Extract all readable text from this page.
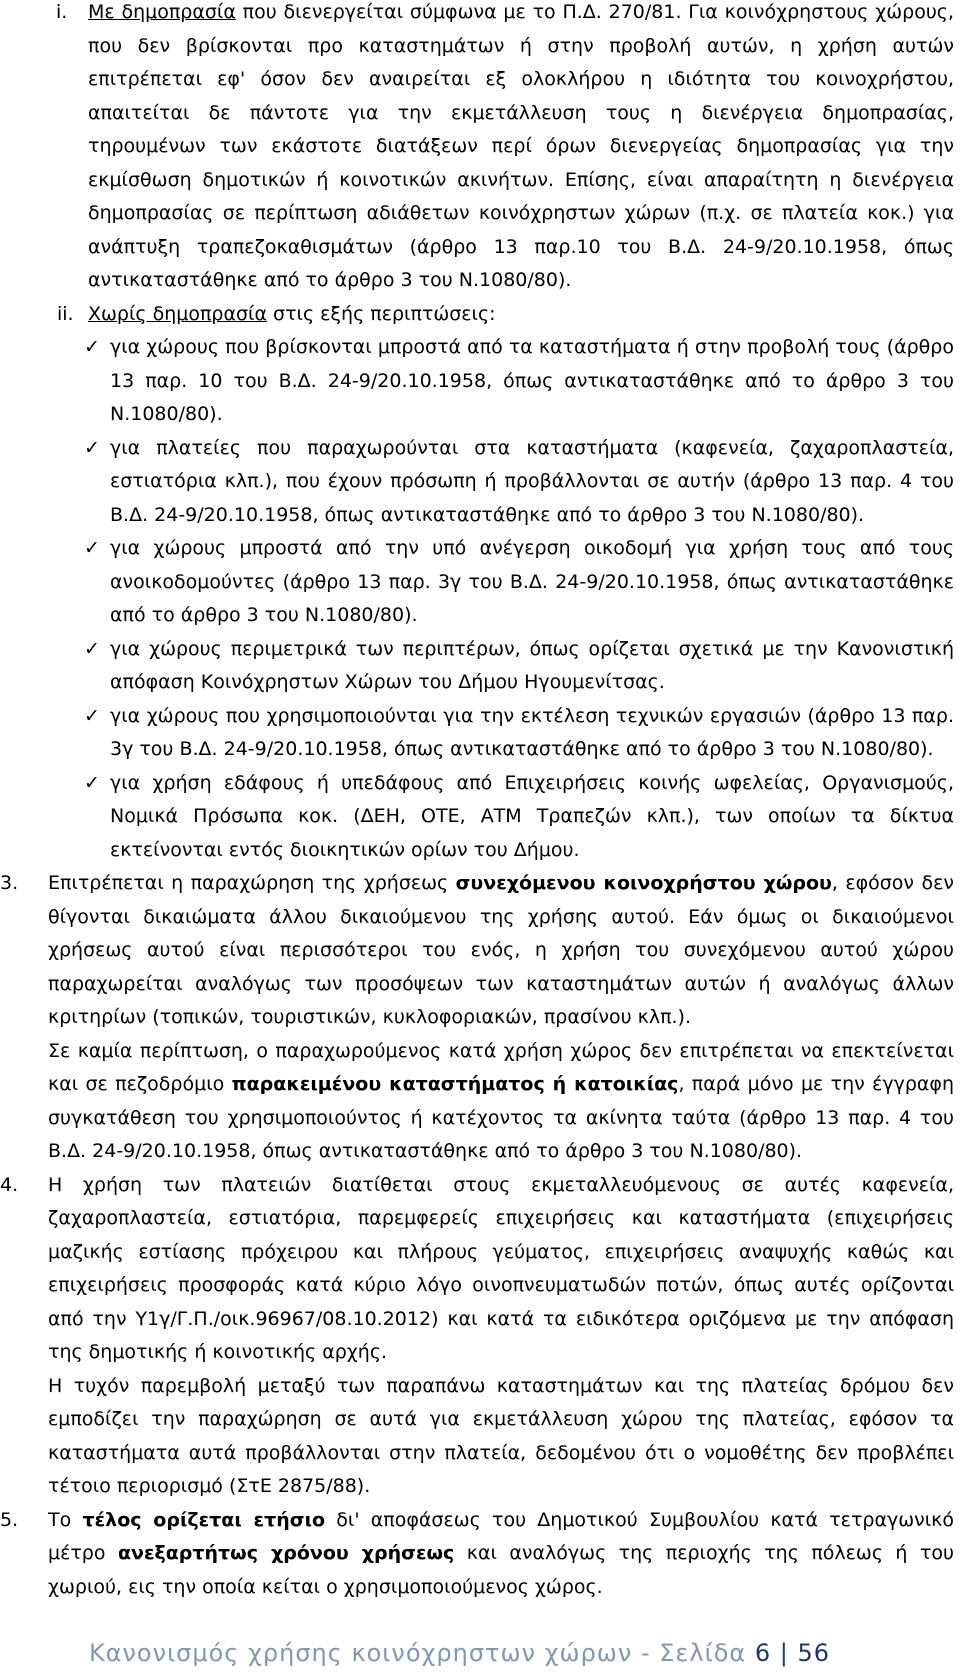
i. Με δημοπρασία που διενεργείται σύμφωνα με το Π.Δ. 270/81. Για κοινόχρηστους χώρους, που δεν βρίσκονται προ καταστημάτων ή στην προβολή αυτών, η χρήση αυτών επιτρέπεται εφ' όσον δεν αναιρείται εξ ολοκλήρου η ιδιότητα του κοινοχρήστου, απαιτείται δε πάντοτε για την εκμετάλλευση τους η διενέργεια δημοπρασίας, τηρουμένων των εκάστοτε διατάξεων περί όρων διενεργείας δημοπρασίας για την εκμίσθωση δημοτικών ή κοινοτικών ακινήτων. Επίσης, είναι απαραίτητη η διενέργεια δημοπρασίας σε περίπτωση αδιάθετων κοινόχρηστων χώρων (π.χ. σε πλατεία κοκ.) για ανάπτυξη τραπεζοκαθισμάτων (άρθρο 13 παρ.10 του Β.Δ. 24-9/20.10.1958, όπως αντικαταστάθηκε από το άρθρο 3 του Ν.1080/80).

ii. Χωρίς δημοπρασία στις εξής περιπτώσεις:

✓ για χώρους που βρίσκονται μπροστά από τα καταστήματα ή στην προβολή τους (άρθρο 13 παρ. 10 του Β.Δ. 24-9/20.10.1958, όπως αντικαταστάθηκε από το άρθρο 3 του Ν.1080/80).

✓ για πλατείες που παραχωρούνται στα καταστήματα (καφενεία, ζαχαροπλαστεία, εστιατόρια κλπ.), που έχουν πρόσωπη ή προβάλλονται σε αυτήν (άρθρο 13 παρ. 4 του Β.Δ. 24-9/20.10.1958, όπως αντικαταστάθηκε από το άρθρο 3 του Ν.1080/80).

✓ για χώρους μπροστά από την υπό ανέγερση οικοδομή για χρήση τους από τους ανοικοδομούντες (άρθρο 13 παρ. 3γ του Β.Δ. 24-9/20.10.1958, όπως αντικαταστάθηκε από το άρθρο 3 του Ν.1080/80).

✓ για χώρους περιμετρικά των περιπτέρων, όπως ορίζεται σχετικά με την Κανονιστική απόφαση Κοινόχρηστων Χώρων του Δήμου Ηγουμενίτσας.

✓ για χώρους που χρησιμοποιούνται για την εκτέλεση τεχνικών εργασιών (άρθρο 13 παρ. 3γ του Β.Δ. 24-9/20.10.1958, όπως αντικαταστάθηκε από το άρθρο 3 του Ν.1080/80).

✓ για χρήση εδάφους ή υπεδάφους από Επιχειρήσεις κοινής ωφελείας, Οργανισμούς, Νομικά Πρόσωπα κοκ. (ΔΕΗ, ΟΤΕ, ΑΤΜ Τραπεζών κλπ.), των οποίων τα δίκτυα εκτείνονται εντός διοικητικών ορίων του Δήμου.

3. Επιτρέπεται η παραχώρηση της χρήσεως συνεχόμενου κοινοχρήστου χώρου, εφόσον δεν θίγονται δικαιώματα άλλου δικαιούμενου της χρήσης αυτού. Εάν όμως οι δικαιούμενοι χρήσεως αυτού είναι περισσότεροι του ενός, η χρήση του συνεχόμενου αυτού χώρου παραχωρείται αναλόγως των προσόψεων των καταστημάτων αυτών ή αναλόγως άλλων κριτηρίων (τοπικών, τουριστικών, κυκλοφοριακών, πρασίνου κλπ.).

Σε καμία περίπτωση, ο παραχωρούμενος κατά χρήση χώρος δεν επιτρέπεται να επεκτείνεται και σε πεζοδρόμιο παρακειμένου καταστήματος ή κατοικίας, παρά μόνο με την έγγραφη συγκατάθεση του χρησιμοποιούντος ή κατέχοντος τα ακίνητα ταύτα (άρθρο 13 παρ. 4 του Β.Δ. 24-9/20.10.1958, όπως αντικαταστάθηκε από το άρθρο 3 του Ν.1080/80).

4. Η χρήση των πλατειών διατίθεται στους εκμεταλλευόμενους σε αυτές καφενεία, ζαχαροπλαστεία, εστιατόρια, παρεμφερείς επιχειρήσεις και καταστήματα (επιχειρήσεις μαζικής εστίασης πρόχειρου και πλήρους γεύματος, επιχειρήσεις αναψυχής καθώς και επιχειρήσεις προσφοράς κατά κύριο λόγο οινοπνευματωδών ποτών, όπως αυτές ορίζονται από την Υ1γ/Γ.Π./οικ.96967/08.10.2012) και κατά τα ειδικότερα οριζόμενα με την απόφαση της δημοτικής ή κοινοτικής αρχής.

Η τυχόν παρεμβολή μεταξύ των παραπάνω καταστημάτων και της πλατείας δρόμου δεν εμποδίζει την παραχώρηση σε αυτά για εκμετάλλευση χώρου της πλατείας, εφόσον τα καταστήματα αυτά προβάλλονται στην πλατεία, δεδομένου ότι ο νομοθέτης δεν προβλέπει τέτοιο περιορισμό (ΣτΕ 2875/88).

5. Το τέλος ορίζεται ετήσιο δι' αποφάσεως του Δημοτικού Συμβουλίου κατά τετραγωνικό μέτρο ανεξαρτήτως χρόνου χρήσεως και αναλόγως της περιοχής της πόλεως ή του χωριού, εις την οποία κείται ο χρησιμοποιούμενος χώρος.

Κανονισμός χρήσης κοινόχρηστων χώρων - Σελίδα 6 | 56
